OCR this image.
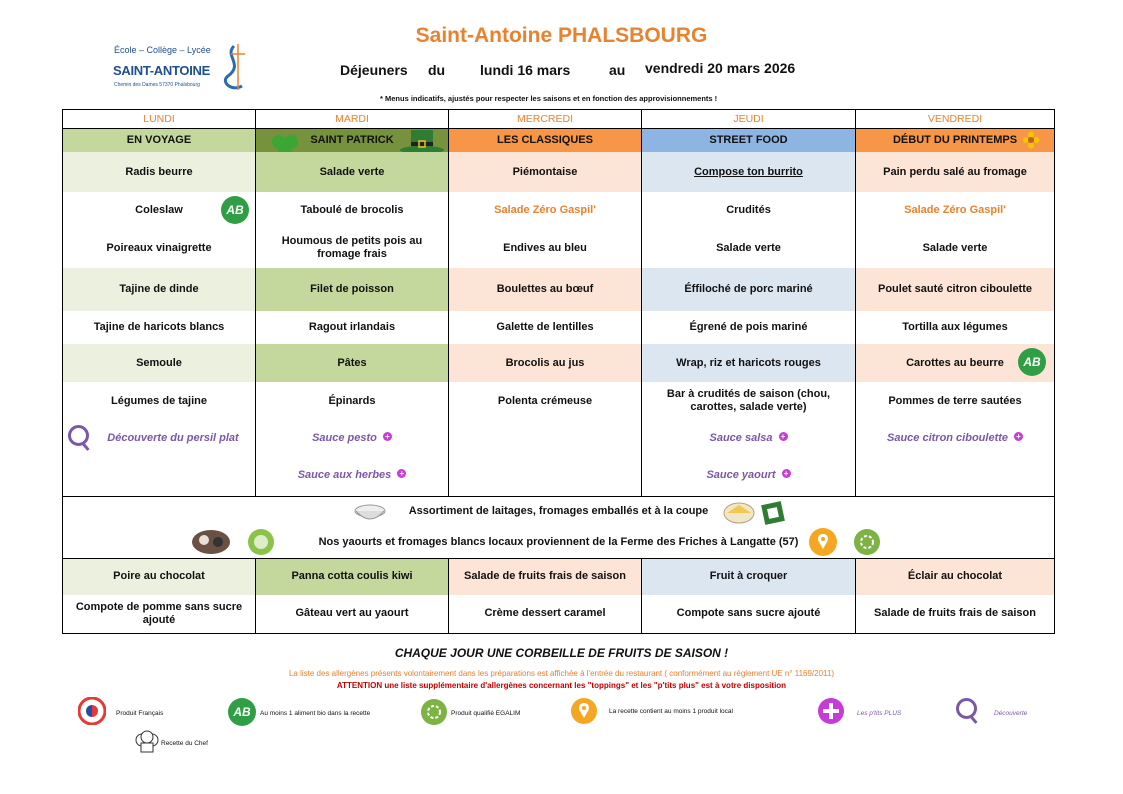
Saint-Antoine PHALSBOURG
Déjeuners du lundi 16 mars	au vendredi 20 mars 2026
* Menus indicatifs, ajustés pour respecter les saisons et en fonction des approvisionnements !
École – Collège – Lycée
SAINT-ANTOINE
Chemin des Dames 57370 Phalsbourg
LUNDI	MARDI	MERCREDI	JEUDI	VENDREDI
EN VOYAGE	SAINT PATRICK	LES CLASSIQUES	STREET FOOD	DÉBUT DU PRINTEMPS

Radis beurre	Salade verte	Piémontaise	Compose ton burrito	Pain perdu salé au fromage
Coleslaw AB	Taboulé de brocolis	Salade Zéro Gaspil'	Crudités	Salade Zéro Gaspil'
Poireaux vinaigrette	Houmous de petits pois au fromage frais	Endives au bleu	Salade verte	Salade verte
Tajine de dinde	Filet de poisson	Boulettes au bœuf	Éffiloché de porc mariné	Poulet sauté citron ciboulette
Tajine de haricots blancs	Ragout irlandais	Galette de lentilles	Égrené de pois mariné	Tortilla aux légumes
Semoule	Pâtes	Brocolis au jus	Wrap, riz et haricots rouges	Carottes au beurre AB

Légumes de tajine	Épinards	Polenta crémeuse	Bar à crudités de saison (chou, carottes, salade verte)	Pommes de terre sautées

Découverte du persil plat	Sauce pesto +		Sauce salsa +	Sauce citron ciboulette +
	Sauce aux herbes +		Sauce yaourt +	

Assortiment de laitages, fromages emballés et à la coupe				

Nos yaourts et fromages blancs locaux proviennent de la Ferme des Friches à Langatte (57)				

Poire au chocolat	Panna cotta coulis kiwi	Salade de fruits frais de saison	Fruit à croquer	Éclair au chocolat
Compote de pomme sans sucre ajouté	Gâteau vert au yaourt	Crème dessert caramel	Compote sans sucre ajouté	Salade de fruits frais de saison
CHAQUE JOUR UNE CORBEILLE DE FRUITS DE SAISON !
La liste des allergènes présents volontairement dans les préparations est affichée à l'entrée du restaurant ( conformément au règlement UE n° 1169/2011)
ATTENTION une liste supplémentaire d'allergènes concernant les "toppings" et les "p'tits plus" est à votre disposition
Produit Français	AB	Au moins 1 aliment bio dans la recette	Produit qualifié EGALIM	La recette contient au moins 1 produit local	Les p'tits PLUS	Découverte
Recette du Chef
